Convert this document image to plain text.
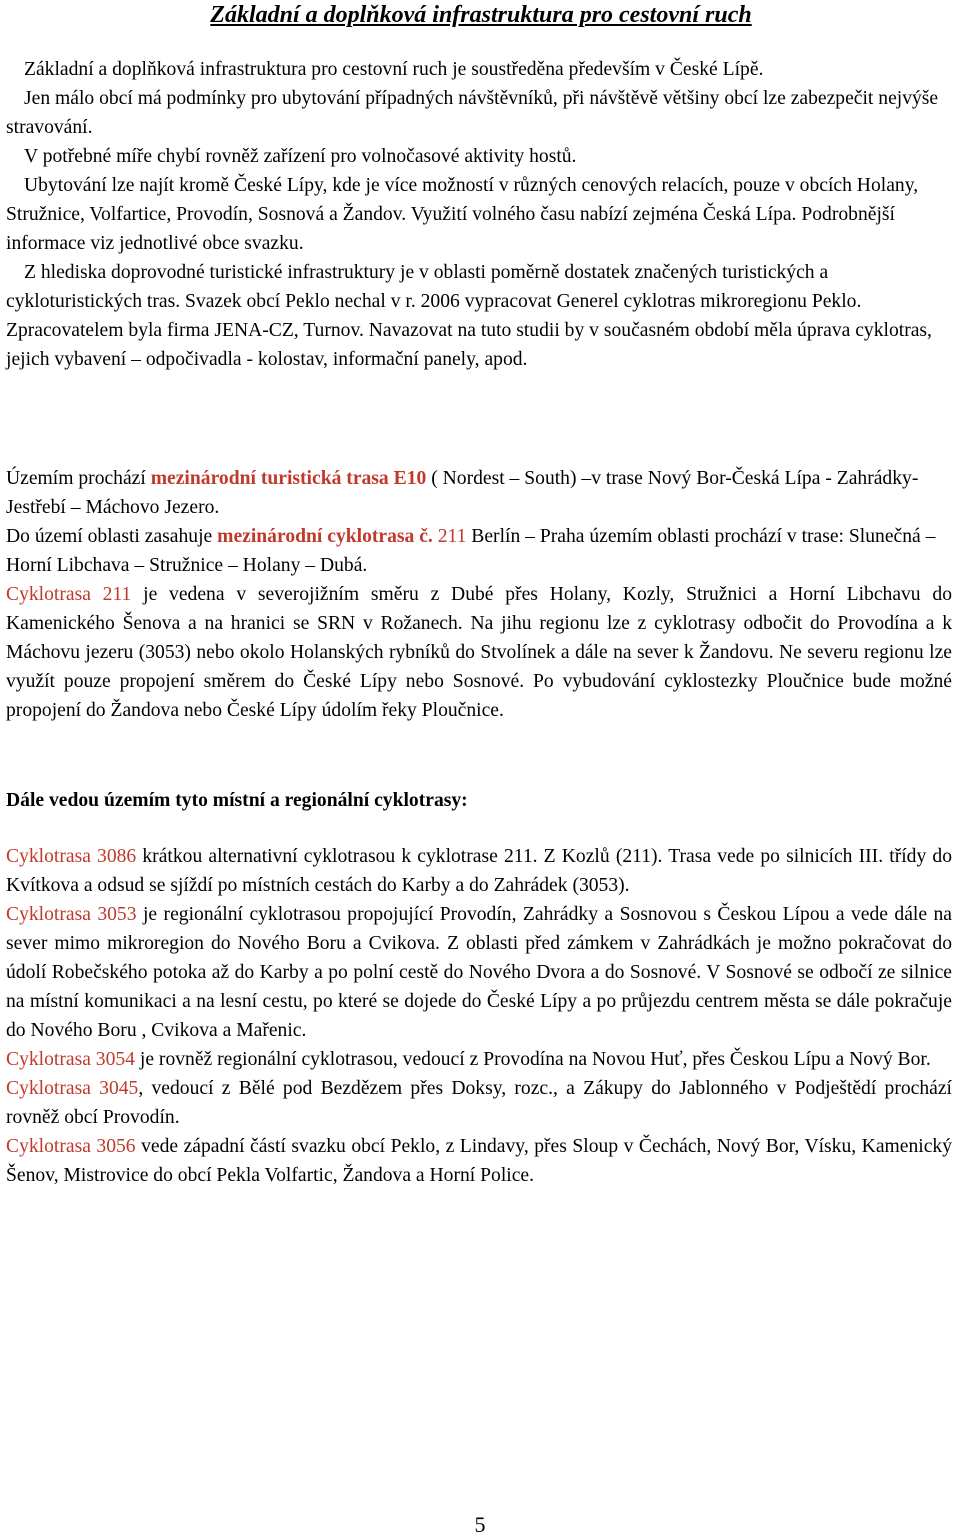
Základní a doplňková infrastruktura pro cestovní ruch

Základní a doplňková infrastruktura pro cestovní ruch je soustředěna především v České Lípě.

Jen málo obcí má podmínky pro ubytování případných návštěvníků, při návštěvě většiny obcí lze zabezpečit nejvýše stravování.

V potřebné míře chybí rovněž zařízení pro volnočasové aktivity hostů.

Ubytování lze najít kromě České Lípy, kde je více možností v různých cenových relacích, pouze v obcích Holany, Stružnice, Volfartice, Provodín, Sosnová a Žandov. Využití volného času nabízí zejména Česká Lípa. Podrobnější informace viz jednotlivé obce svazku.

Z hlediska doprovodné turistické infrastruktury je v oblasti poměrně dostatek značených turistických a cykloturistických tras. Svazek obcí Peklo nechal v r. 2006 vypracovat Generel cyklotras mikroregionu Peklo. Zpracovatelem byla firma JENA-CZ, Turnov. Navazovat na tuto studii by v současném období měla úprava cyklotras, jejich vybavení – odpočivadla - kolostav, informační panely, apod.

Územím prochází mezinárodní turistická trasa E10 ( Nordest – South) –v trase Nový Bor-Česká Lípa - Zahrádky- Jestřebí – Máchovo Jezero.

Do území oblasti zasahuje mezinárodní cyklotrasa č. 211 Berlín – Praha územím oblasti prochází v trase: Slunečná – Horní Libchava – Stružnice – Holany – Dubá.

Cyklotrasa 211 je vedena v severojižním směru z Dubé přes Holany, Kozly, Stružnici a Horní Libchavu do Kamenického Šenova a na hranici se SRN v Rožanech. Na jihu regionu lze z cyklotrasy odbočit do Provodína a k Máchovu jezeru (3053) nebo okolo Holanských rybníků do Stvolínek a dále na sever k Žandovu. Ne severu regionu lze využít pouze propojení směrem do České Lípy nebo Sosnové. Po vybudování cyklostezky Ploučnice bude možné propojení do Žandova nebo České Lípy údolím řeky Ploučnice.

Dále vedou územím tyto místní a regionální cyklotrasy:

Cyklotrasa 3086 krátkou alternativní cyklotrasou k cyklotrase 211. Z Kozlů (211). Trasa vede po silnicích III. třídy do Kvítkova a odsud se sjíždí po místních cestách do Karby a do Zahrádek (3053).

Cyklotrasa 3053 je regionální cyklotrasou propojující Provodín, Zahrádky a Sosnovou s Českou Lípou a vede dále na sever mimo mikroregion do Nového Boru a Cvikova. Z oblasti před zámkem v Zahrádkách je možno pokračovat do údolí Robečského potoka až do Karby a po polní cestě do Nového Dvora a do Sosnové. V Sosnové se odbočí ze silnice na místní komunikaci a na lesní cestu, po které se dojede do České Lípy a po průjezdu centrem města se dále pokračuje do Nového Boru , Cvikova a Mařenic.

Cyklotrasa 3054 je rovněž regionální cyklotrasou, vedoucí z Provodína na Novou Huť, přes Českou Lípu a Nový Bor.

Cyklotrasa 3045, vedoucí z Bělé pod Bezdězem přes Doksy, rozc., a Zákupy do Jablonného v Podještědí prochází rovněž obcí Provodín.

Cyklotrasa 3056 vede západní částí svazku obcí Peklo, z Lindavy, přes Sloup v Čechách, Nový Bor, Vísku, Kamenický Šenov, Mistrovice do obcí Pekla Volfartic, Žandova a Horní Police.

5
